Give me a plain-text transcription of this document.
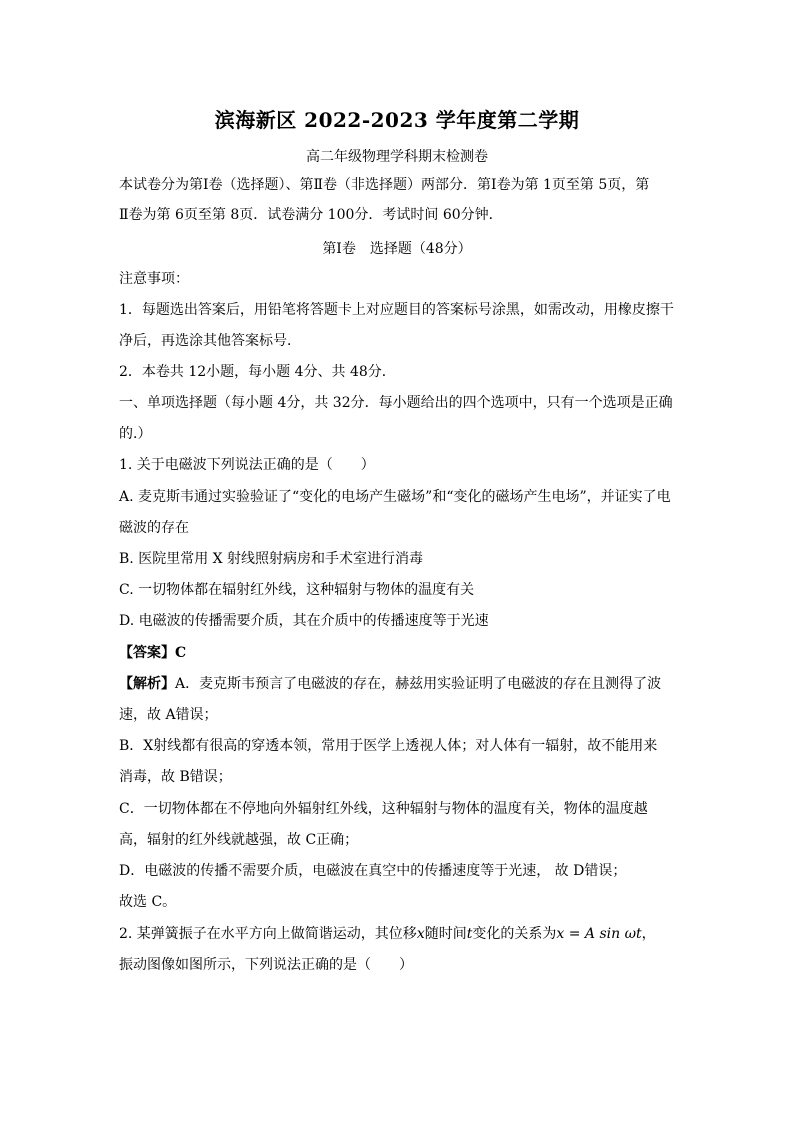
滨海新区 2022-2023 学年度第二学期
高二年级物理学科期末检测卷
本试卷分为第Ⅰ卷（选择题）、第Ⅱ卷（非选择题）两部分．第Ⅰ卷为第 1页至第 5页，第
Ⅱ卷为第 6页至第 8页．试卷满分 100分．考试时间 60分钟．
第Ⅰ卷　选择题（48分）
注意事项：
1．每题选出答案后，用铅笔将答题卡上对应题目的答案标号涂黑，如需改动，用橡皮擦干
净后，再选涂其他答案标号．
2．本卷共 12小题，每小题 4分、共 48分．
一、单项选择题（每小题 4分，共 32分．每小题给出的四个选项中，只有一个选项是正确
的.）
1. 关于电磁波下列说法正确的是（　　）
A. 麦克斯韦通过实验验证了“变化的电场产生磁场”和“变化的磁场产生电场”，并证实了电
磁波的存在
B. 医院里常用 X 射线照射病房和手术室进行消毒
C. 一切物体都在辐射红外线，这种辐射与物体的温度有关
D. 电磁波的传播需要介质，其在介质中的传播速度等于光速
【答案】C
【解析】A．麦克斯韦预言了电磁波的存在，赫兹用实验证明了电磁波的存在且测得了波
速，故 A错误；
B．X射线都有很高的穿透本领，常用于医学上透视人体；对人体有一辐射，故不能用来
消毒，故 B错误；
C．一切物体都在不停地向外辐射红外线，这种辐射与物体的温度有关，物体的温度越
高，辐射的红外线就越强，故 C正确；
D．电磁波的传播不需要介质，电磁波在真空中的传播速度等于光速， 故 D错误；
故选 C。
2. 某弹簧振子在水平方向上做简谐运动，其位移x随时间t变化的关系为x = A sin ωt，
振动图像如图所示，下列说法正确的是（　　）
